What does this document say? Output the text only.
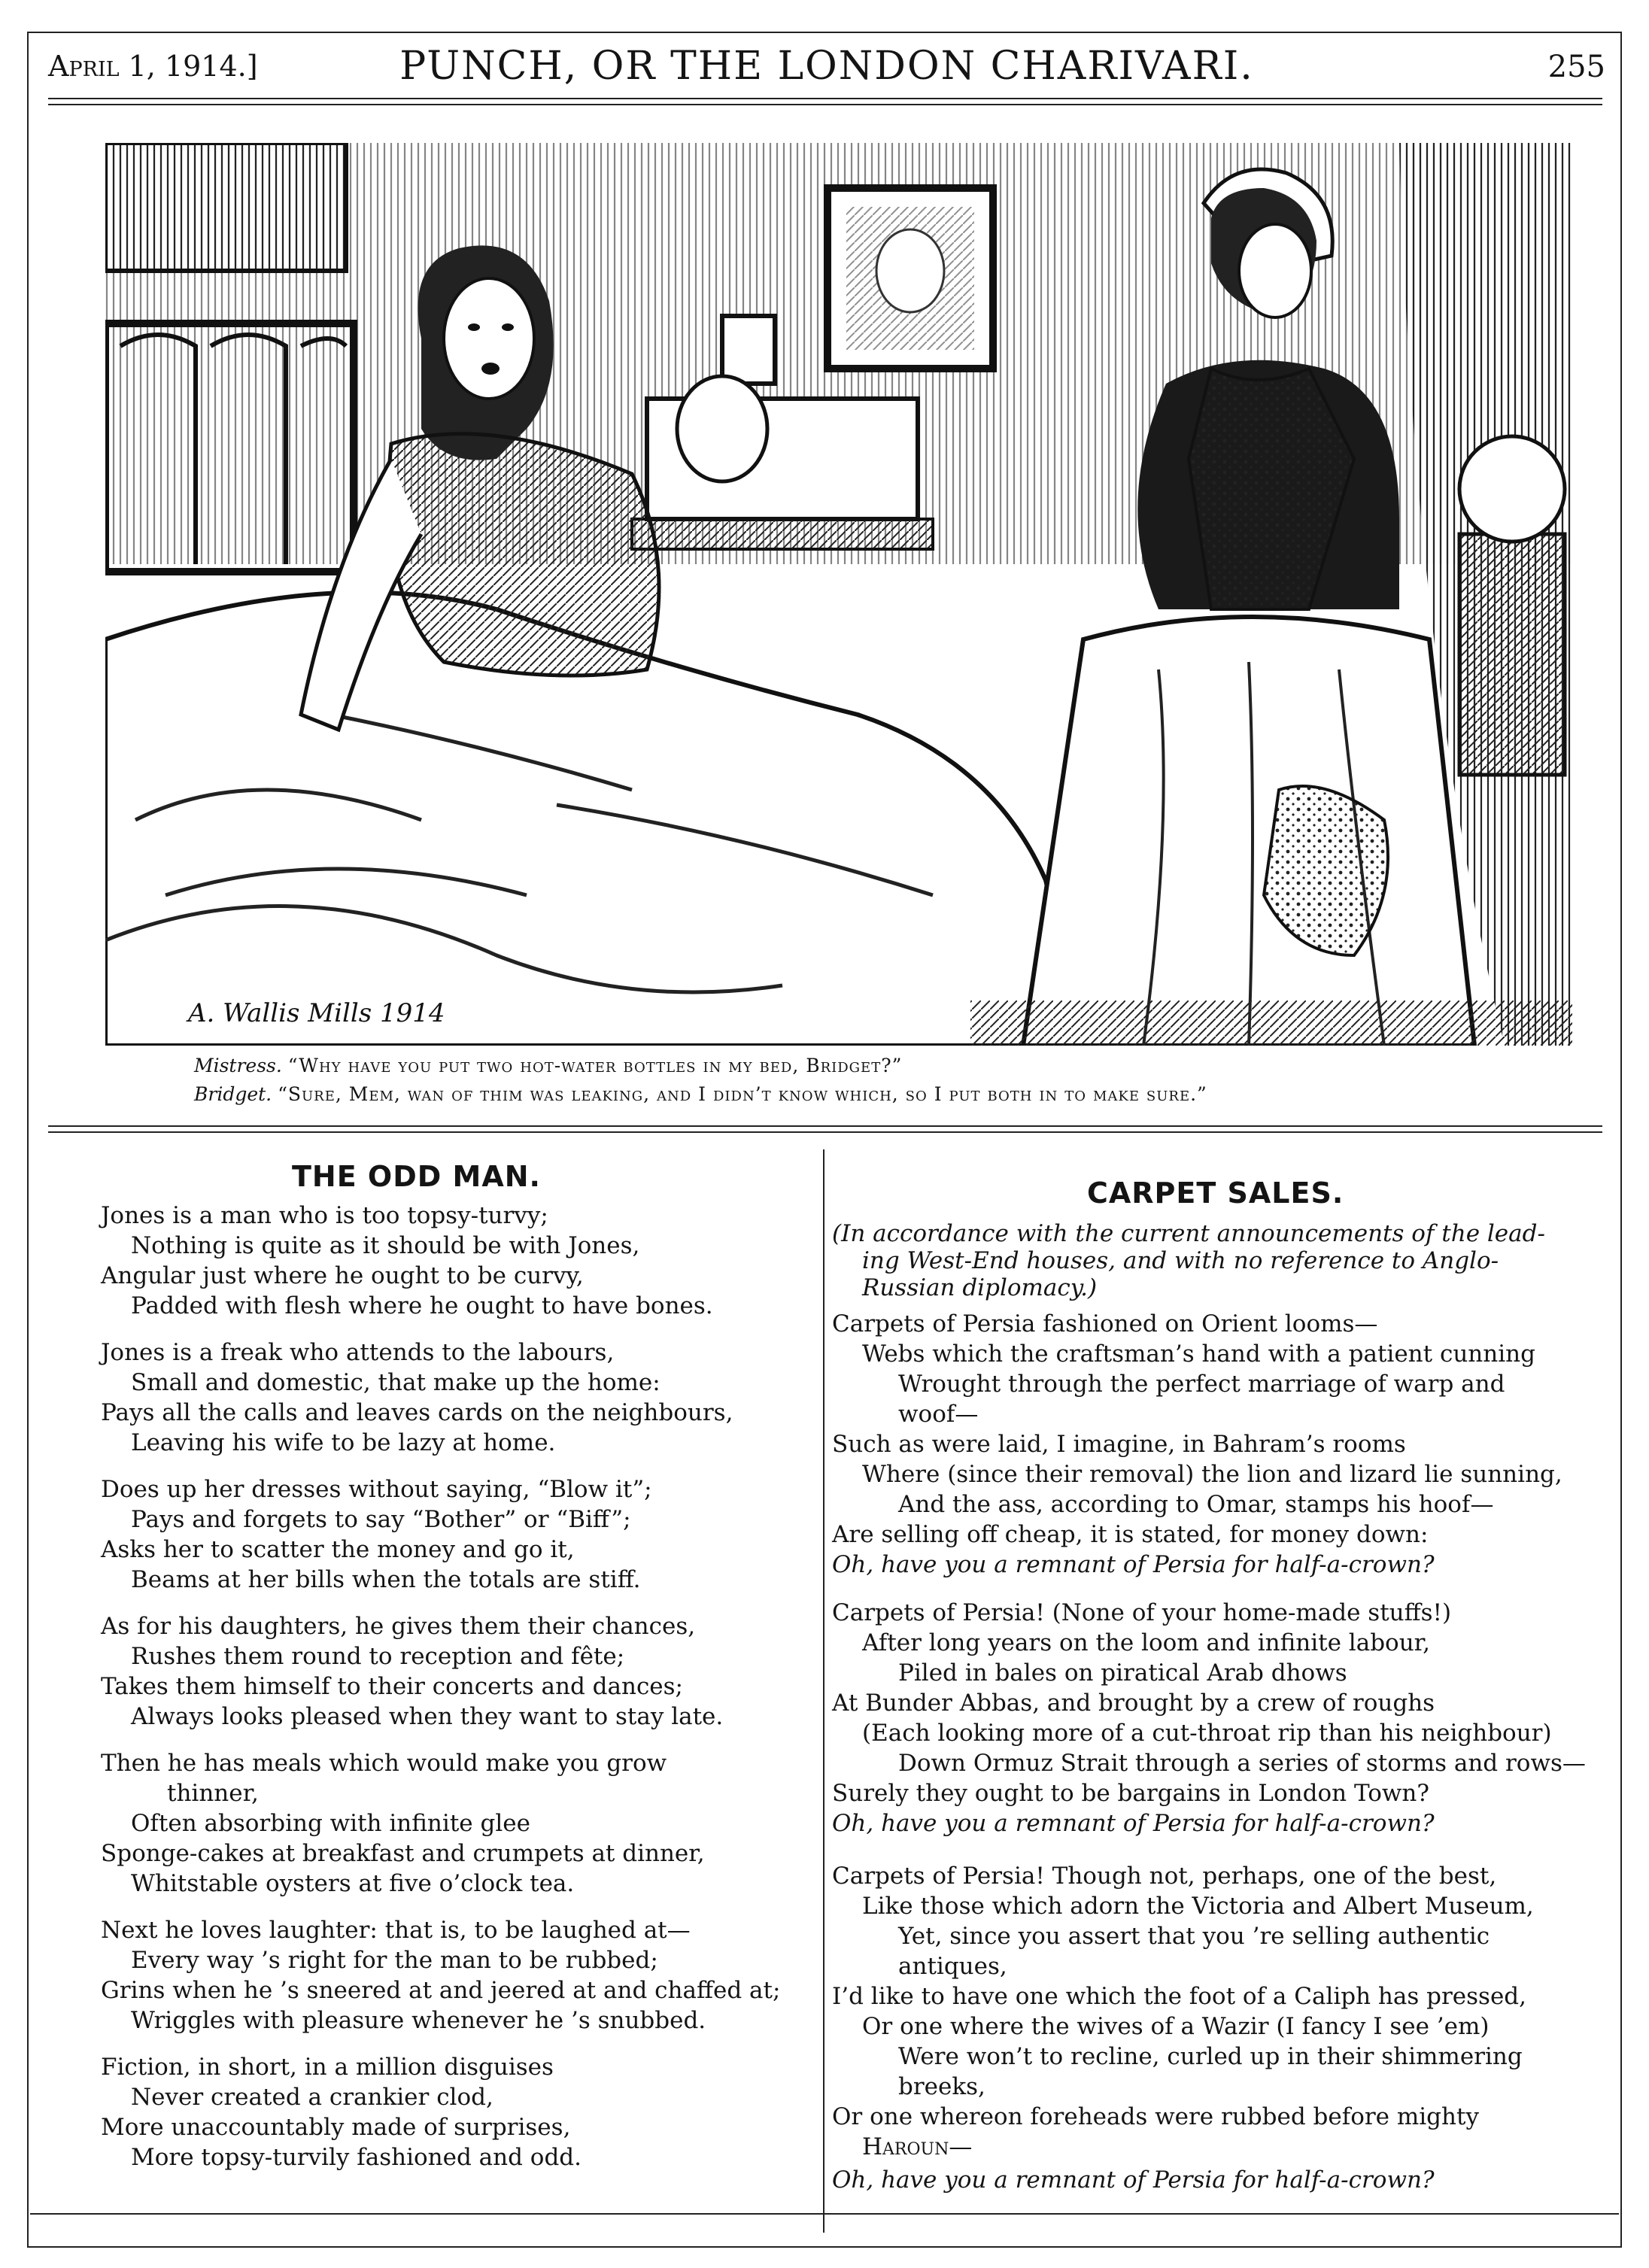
April 1, 1914.]	PUNCH, OR THE LONDON CHARIVARI.	255
A. Wallis Mills 1914
Mistress. “Why have you put two hot-water bottles in my bed, Bridget?”
Bridget. “Sure, Mem, wan of thim was leaking, and I didn’t know which, so I put both in to make sure.”
THE ODD MAN.
Jones is a man who is too topsy-turvy;
Nothing is quite as it should be with Jones,
Angular just where he ought to be curvy,
Padded with flesh where he ought to have bones.
Jones is a freak who attends to the labours,
Small and domestic, that make up the home:
Pays all the calls and leaves cards on the neighbours,
Leaving his wife to be lazy at home.
Does up her dresses without saying, “Blow it”;
Pays and forgets to say “Bother” or “Biff”;
Asks her to scatter the money and go it,
Beams at her bills when the totals are stiff.
As for his daughters, he gives them their chances,
Rushes them round to reception and fête;
Takes them himself to their concerts and dances;
Always looks pleased when they want to stay late.
Then he has meals which would make you grow
thinner,
Often absorbing with infinite glee
Sponge-cakes at breakfast and crumpets at dinner,
Whitstable oysters at five o’clock tea.
Next he loves laughter: that is, to be laughed at—
Every way ’s right for the man to be rubbed;
Grins when he ’s sneered at and jeered at and chaffed at;
Wriggles with pleasure whenever he ’s snubbed.
Fiction, in short, in a million disguises
Never created a crankier clod,
More unaccountably made of surprises,
More topsy-turvily fashioned and odd.
CARPET SALES.
(In accordance with the current announcements of the lead-
ing West-End houses, and with no reference to Anglo-
Russian diplomacy.)
Carpets of Persia fashioned on Orient looms—
Webs which the craftsman’s hand with a patient cunning
Wrought through the perfect marriage of warp and
woof—
Such as were laid, I imagine, in Bahram’s rooms
Where (since their removal) the lion and lizard lie sunning,
And the ass, according to Omar, stamps his hoof—
Are selling off cheap, it is stated, for money down:
Oh, have you a remnant of Persia for half-a-crown?
Carpets of Persia! (None of your home-made stuffs!)
After long years on the loom and infinite labour,
Piled in bales on piratical Arab dhows
At Bunder Abbas, and brought by a crew of roughs
(Each looking more of a cut-throat rip than his neighbour)
Down Ormuz Strait through a series of storms and rows—
Surely they ought to be bargains in London Town?
Oh, have you a remnant of Persia for half-a-crown?
Carpets of Persia! Though not, perhaps, one of the best,
Like those which adorn the Victoria and Albert Museum,
Yet, since you assert that you ’re selling authentic
antiques,
I’d like to have one which the foot of a Caliph has pressed,
Or one where the wives of a Wazir (I fancy I see ’em)
Were won’t to recline, curled up in their shimmering
breeks,
Or one whereon foreheads were rubbed before mighty
Haroun—
Oh, have you a remnant of Persia for half-a-crown?
